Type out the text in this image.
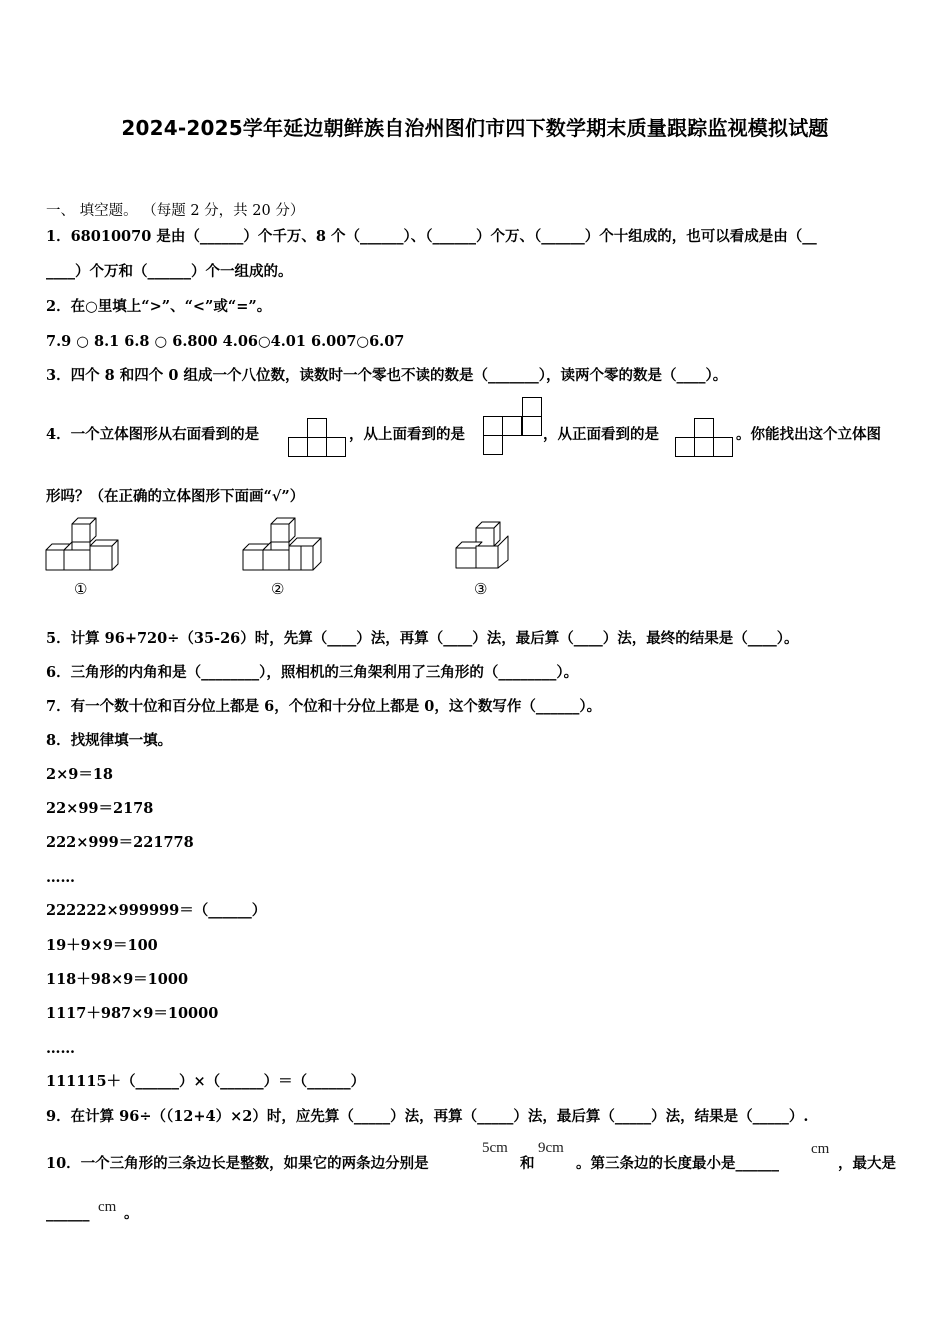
2024-2025学年延边朝鲜族自治州图们市四下数学期末质量跟踪监视模拟试题
一、 填空题。 （每题 2 分，共 20 分）
1．68010070 是由（______）个千万、8 个（______）、（______）个万、（______）个十组成的，也可以看成是由（__
____）个万和（______）个一组成的。
2．在○里填上“>”、“<”或“=”。
7.9 ○ 8.1 6.8 ○ 6.800 4.06○4.01 6.007○6.07
3．四个 8 和四个 0 组成一个八位数，读数时一个零也不读的数是（_______），读两个零的数是（____）。
4．一个立体图形从右面看到的是	，从上面看到的是	，从正面看到的是	。你能找出这个立体图
形吗？（在正确的立体图形下面画“√”）
①	②	③
5．计算 96+720÷（35-26）时，先算（____）法，再算（____）法，最后算（____）法，最终的结果是（____）。
6．三角形的内角和是（________），照相机的三角架利用了三角形的（________）。
7．有一个数十位和百分位上都是 6，个位和十分位上都是 0，这个数写作（______）。
8．找规律填一填。
2×9＝18
22×99＝2178
222×999＝221778
……
222222×999999＝（______）
19＋9×9＝100
118＋98×9＝1000
1117＋987×9＝10000
……
111115＋（______）×（______）＝（______）
9．在计算 96÷（（12+4）×2）时，应先算（_____）法，再算（_____）法，最后算（_____）法，结果是（_____）.
10．一个三角形的三条边长是整数，如果它的两条边分别是
5cm
和
9cm
。第三条边的长度最小是______
cm
，最大是
______ cm 。
